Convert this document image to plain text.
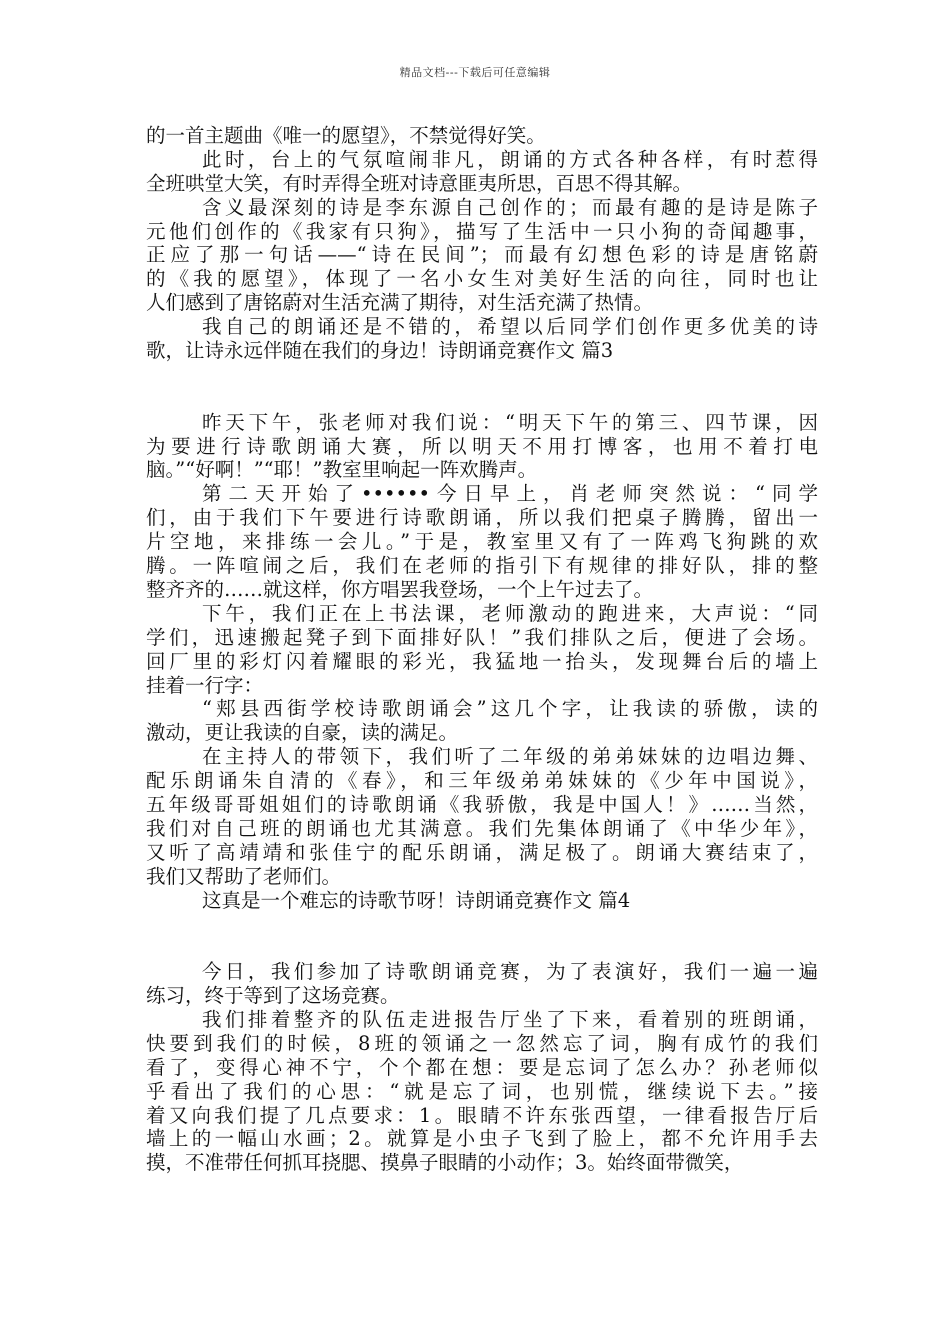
精品文档---下载后可任意编辑
的一首主题曲《唯一的愿望》，不禁觉得好笑。
此时，台上的气氛喧闹非凡，朗诵的方式各种各样，有时惹得
全班哄堂大笑，有时弄得全班对诗意匪夷所思，百思不得其解。
含义最深刻的诗是李东源自己创作的；而最有趣的是诗是陈子
元他们创作的《我家有只狗》，描写了生活中一只小狗的奇闻趣事，
正应了那一句话——“诗在民间”；而最有幻想色彩的诗是唐铭蔚
的《我的愿望》，体现了一名小女生对美好生活的向往，同时也让
人们感到了唐铭蔚对生活充满了期待，对生活充满了热情。
我自己的朗诵还是不错的，希望以后同学们创作更多优美的诗
歌，让诗永远伴随在我们的身边！诗朗诵竞赛作文 篇3
昨天下午，张老师对我们说：“明天下午的第三、四节课，因
为要进行诗歌朗诵大赛，所以明天不用打博客，也用不着打电
脑。”“好啊！”“耶！”教室里响起一阵欢腾声。
第二天开始了••••••今日早上，肖老师突然说：“同学
们，由于我们下午要进行诗歌朗诵，所以我们把桌子腾腾，留出一
片空地，来排练一会儿。”于是，教室里又有了一阵鸡飞狗跳的欢
腾。一阵喧闹之后，我们在老师的指引下有规律的排好队，排的整
整齐齐的……就这样，你方唱罢我登场，一个上午过去了。
下午，我们正在上书法课，老师激动的跑进来，大声说：“同
学们，迅速搬起凳子到下面排好队！”我们排队之后，便进了会场。
回厂里的彩灯闪着耀眼的彩光，我猛地一抬头，发现舞台后的墙上
挂着一行字：
“郏县西街学校诗歌朗诵会”这几个字，让我读的骄傲，读的
激动，更让我读的自豪，读的满足。
在主持人的带领下，我们听了二年级的弟弟妹妹的边唱边舞、
配乐朗诵朱自清的《春》，和三年级弟弟妹妹的《少年中国说》，
五年级哥哥姐姐们的诗歌朗诵《我骄傲，我是中国人！》……当然，
我们对自己班的朗诵也尤其满意。我们先集体朗诵了《中华少年》，
又听了高靖靖和张佳宁的配乐朗诵，满足极了。朗诵大赛结束了，
我们又帮助了老师们。
这真是一个难忘的诗歌节呀！诗朗诵竞赛作文 篇4
今日，我们参加了诗歌朗诵竞赛，为了表演好，我们一遍一遍
练习，终于等到了这场竞赛。
我们排着整齐的队伍走进报告厅坐了下来，看着别的班朗诵，
快要到我们的时候，8班的领诵之一忽然忘了词，胸有成竹的我们
看了，变得心神不宁，个个都在想：要是忘词了怎么办？孙老师似
乎看出了我们的心思：“就是忘了词，也别慌，继续说下去。”接
着又向我们提了几点要求：1。眼睛不许东张西望，一律看报告厅后
墙上的一幅山水画；2。就算是小虫子飞到了脸上，都不允许用手去
摸，不准带任何抓耳挠腮、摸鼻子眼睛的小动作；3。始终面带微笑，
